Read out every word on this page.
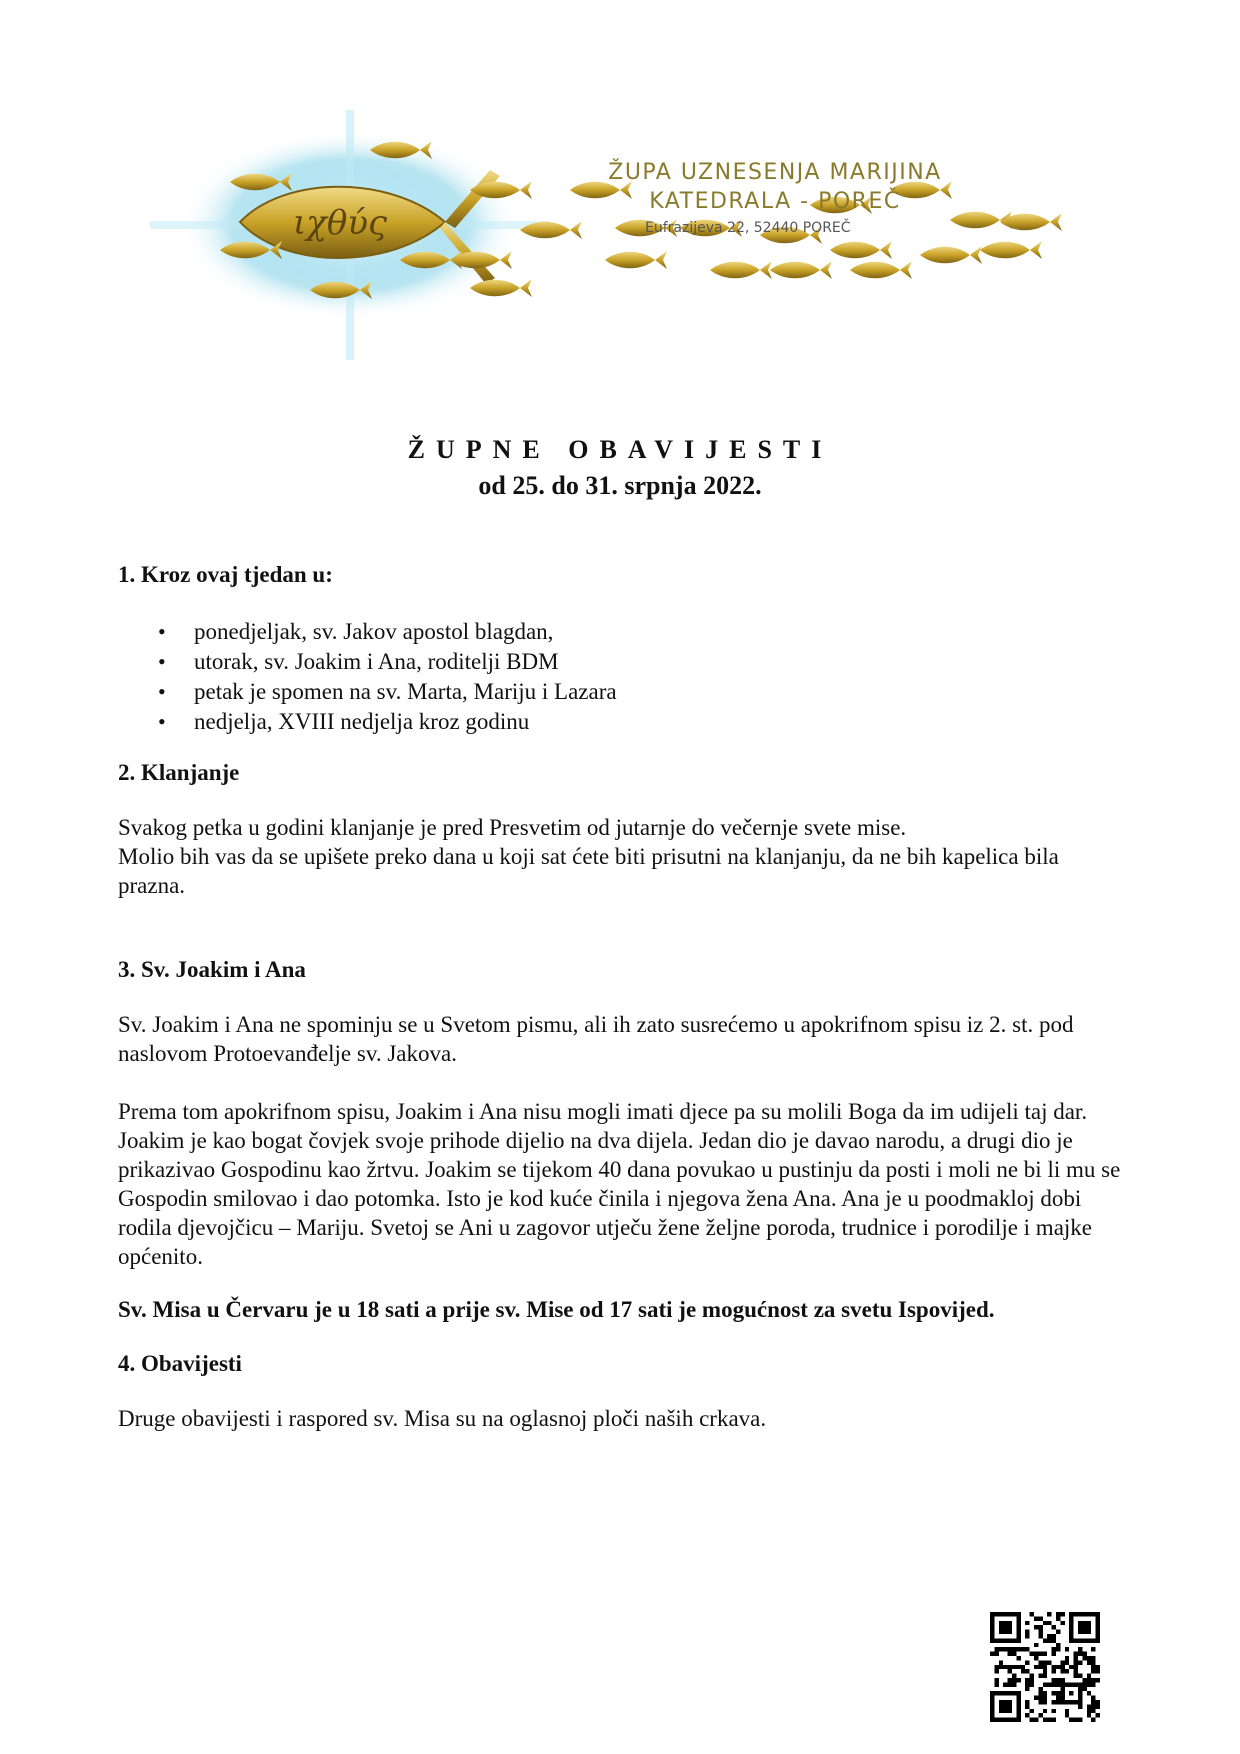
ιχθύς
ŽUPA UZNESENJA MARIJINA
KATEDRALA - POREČ
Eufrazijeva 22, 52440 POREČ
ŽUPNE OBAVIJESTI
od 25. do 31. srpnja 2022.

1. Kroz ovaj tjedan u:

• ponedjeljak, sv. Jakov apostol blagdan,
• utorak, sv. Joakim i Ana, roditelji BDM
• petak je spomen na sv. Marta, Mariju i Lazara
• nedjelja, XVIII nedjelja kroz godinu

2. Klanjanje

Svakog petka u godini klanjanje je pred Presvetim od jutarnje do večernje svete mise.

Molio bih vas da se upišete preko dana u koji sat ćete biti prisutni na klanjanju, da ne bih kapelica bila prazna.

3. Sv. Joakim i Ana

Sv. Joakim i Ana ne spominju se u Svetom pismu, ali ih zato susrećemo u apokrifnom spisu iz 2. st. pod naslovom Protoevanđelje sv. Jakova.

Prema tom apokrifnom spisu, Joakim i Ana nisu mogli imati djece pa su molili Boga da im udijeli taj dar. Joakim je kao bogat čovjek svoje prihode dijelio na dva dijela. Jedan dio je davao narodu, a drugi dio je prikazivao Gospodinu kao žrtvu. Joakim se tijekom 40 dana povukao u pustinju da posti i moli ne bi li mu se Gospodin smilovao i dao potomka. Isto je kod kuće činila i njegova žena Ana. Ana je u poodmakloj dobi rodila djevojčicu – Mariju. Svetoj se Ani u zagovor utječu žene željne poroda, trudnice i porodilje i majke općenito.

Sv. Misa u Červaru je u 18 sati a prije sv. Mise od 17 sati je mogućnost za svetu Ispovijed.

4. Obavijesti

Druge obavijesti i raspored sv. Misa su na oglasnoj ploči naših crkava.
